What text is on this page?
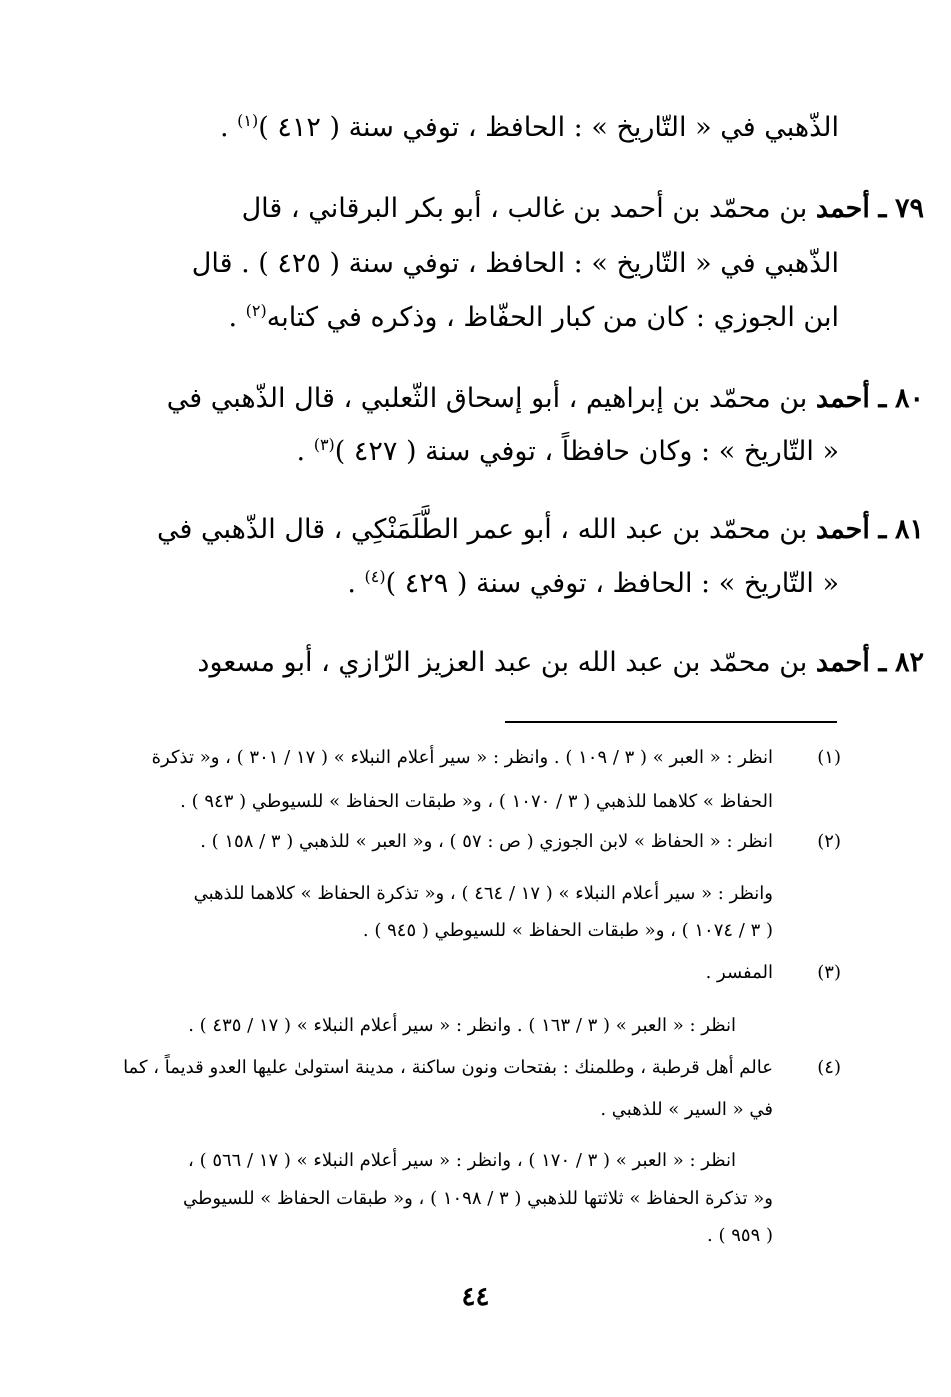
الذّهبي في « التّاريخ » : الحافظ ، توفي سنة ( ٤١٢ )$^{(١)}$ .
٧٩ ـ أحمد بن محمّد بن أحمد بن غالب ، أبو بكر البرقاني ، قال
الذّهبي في « التّاريخ » : الحافظ ، توفي سنة ( ٤٢٥ ) . قال
ابن الجوزي : كان من كبار الحفّاظ ، وذكره في كتابه$^{(٢)}$ .
٨٠ ـ أحمد بن محمّد بن إبراهيم ، أبو إسحاق الثّعلبي ، قال الذّهبي في
« التّاريخ » : وكان حافظاً ، توفي سنة ( ٤٢٧ )$^{(٣)}$ .
٨١ ـ أحمد بن محمّد بن عبد الله ، أبو عمر الطَّلَمَنْكِي ، قال الذّهبي في
« التّاريخ » : الحافظ ، توفي سنة ( ٤٢٩ )$^{(٤)}$ .
٨٢ ـ أحمد بن محمّد بن عبد الله بن عبد العزيز الرّازي ، أبو مسعود
(١)
انظر : « العبر » ( ٣ / ١٠٩ ) . وانظر : « سير أعلام النبلاء » ( ١٧ / ٣٠١ ) ، و« تذكرة
الحفاظ » كلاهما للذهبي ( ٣ / ١٠٧٠ ) ، و« طبقات الحفاظ » للسيوطي ( ٩٤٣ ) .
(٢)
انظر : « الحفاظ » لابن الجوزي ( ص : ٥٧ ) ، و« العبر » للذهبي ( ٣ / ١٥٨ ) .
وانظر : « سير أعلام النبلاء » ( ١٧ / ٤٦٤ ) ، و« تذكرة الحفاظ » كلاهما للذهبي
( ٣ / ١٠٧٤ ) ، و« طبقات الحفاظ » للسيوطي ( ٩٤٥ ) .
(٣)
المفسر .
انظر : « العبر » ( ٣ / ١٦٣ ) . وانظر : « سير أعلام النبلاء » ( ١٧ / ٤٣٥ ) .
(٤)
عالم أهل قرطبة ، وطلمنك : بفتحات ونون ساكنة ، مدينة استولىٰ عليها العدو قديماً ، كما
في « السير » للذهبي .
انظر : « العبر » ( ٣ / ١٧٠ ) ، وانظر : « سير أعلام النبلاء » ( ١٧ / ٥٦٦ ) ،
و« تذكرة الحفاظ » ثلاثتها للذهبي ( ٣ / ١٠٩٨ ) ، و« طبقات الحفاظ » للسيوطي
( ٩٥٩ ) .
٤٤
